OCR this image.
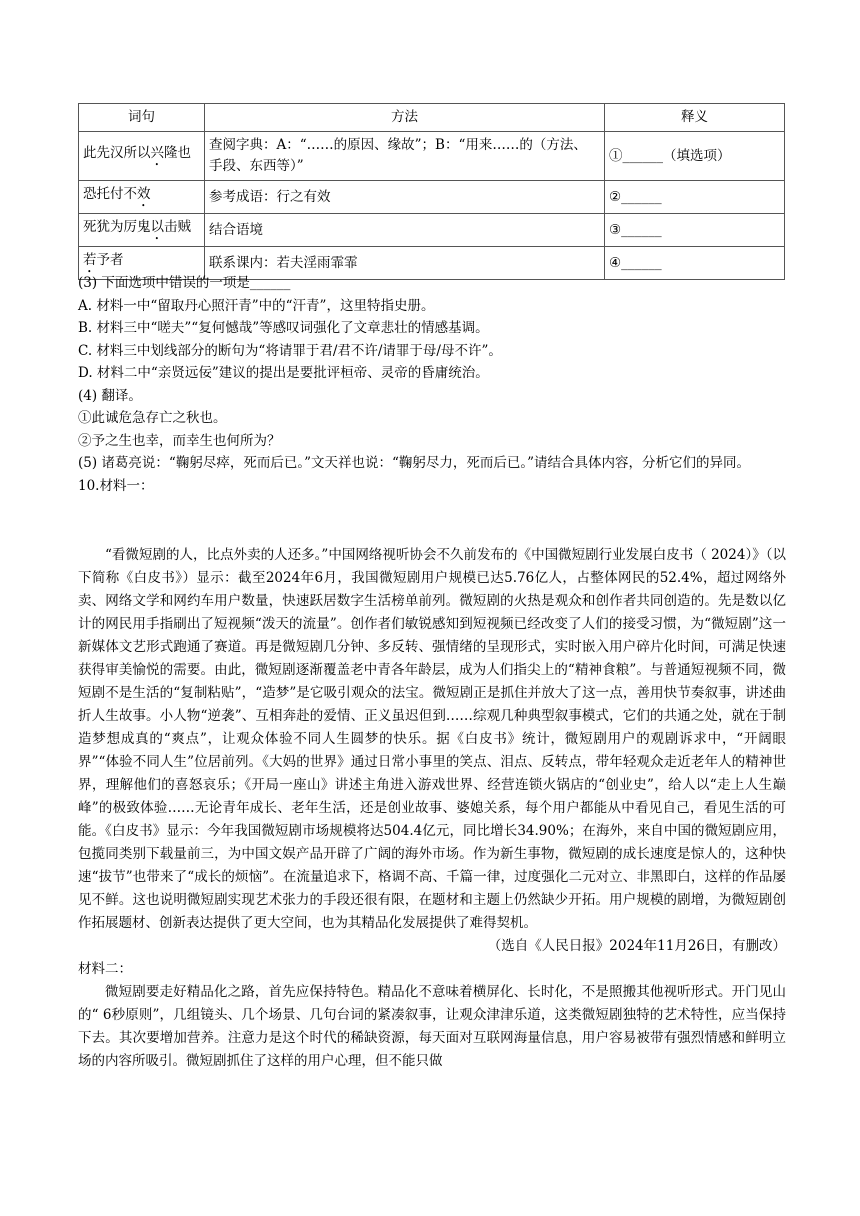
词句	方法	释义
此先汉所以兴隆也	查阅字典：A：“……的原因、缘故”；B：“用来……的（方法、手段、东西等）”	①______（填选项）
恐托付不效	参考成语：行之有效	②______
死犹为厉鬼以击贼	结合语境	③______
若予者	联系课内：若夫淫雨霏霏	④______

(3) 下面选项中错误的一项是______

A. 材料一中“留取丹心照汗青”中的“汗青”，这里特指史册。

B. 材料三中“嗟夫”“复何憾哉”等感叹词强化了文章悲壮的情感基调。

C. 材料三中划线部分的断句为“将请罪于君/君不许/请罪于母/母不许”。

D. 材料二中“亲贤远佞”建议的提出是要批评桓帝、灵帝的昏庸统治。

(4) 翻译。

①此诚危急存亡之秋也。

②予之生也幸，而幸生也何所为？

(5) 诸葛亮说：“鞠躬尽瘁，死而后已。”文天祥也说：“鞠躬尽力，死而后已。”请结合具体内容，分析它们的异同。

10.材料一：

“看微短剧的人，比点外卖的人还多。”中国网络视听协会不久前发布的《中国微短剧行业发展白皮书（ 2024）》（以下简称《白皮书》）显示：截至2024年6月，我国微短剧用户规模已达5.76亿人，占整体网民的52.4%，超过网络外卖、网络文学和网约车用户数量，快速跃居数字生活榜单前列。微短剧的火热是观众和创作者共同创造的。先是数以亿计的网民用手指刷出了短视频“泼天的流量”。创作者们敏锐感知到短视频已经改变了人们的接受习惯，为“微短剧”这一新媒体文艺形式跑通了赛道。再是微短剧几分钟、多反转、强情绪的呈现形式，实时嵌入用户碎片化时间，可满足快速获得审美愉悦的需要。由此，微短剧逐渐覆盖老中青各年龄层，成为人们指尖上的“精神食粮”。与普通短视频不同，微短剧不是生活的“复制粘贴”，“造梦”是它吸引观众的法宝。微短剧正是抓住并放大了这一点，善用快节奏叙事，讲述曲折人生故事。小人物“逆袭”、互相奔赴的爱情、正义虽迟但到……综观几种典型叙事模式，它们的共通之处，就在于制造梦想成真的“爽点”，让观众体验不同人生圆梦的快乐。据《白皮书》统计，微短剧用户的观剧诉求中，“开阔眼界”“体验不同人生”位居前列。《大妈的世界》通过日常小事里的笑点、泪点、反转点，带年轻观众走近老年人的精神世界，理解他们的喜怒哀乐；《开局一座山》讲述主角进入游戏世界、经营连锁火锅店的“创业史”，给人以“走上人生巅峰”的极致体验……无论青年成长、老年生活，还是创业故事、婆媳关系，每个用户都能从中看见自己，看见生活的可能。《白皮书》显示：今年我国微短剧市场规模将达504.4亿元，同比增长34.90%；在海外，来自中国的微短剧应用，包揽同类别下载量前三，为中国文娱产品开辟了广阔的海外市场。作为新生事物，微短剧的成长速度是惊人的，这种快速“拔节”也带来了“成长的烦恼”。在流量追求下，格调不高、千篇一律，过度强化二元对立、非黑即白，这样的作品屡见不鲜。这也说明微短剧实现艺术张力的手段还很有限，在题材和主题上仍然缺少开拓。用户规模的剧增，为微短剧创作拓展题材、创新表达提供了更大空间，也为其精品化发展提供了难得契机。

（选自《人民日报》2024年11月26日，有删改）

材料二：

微短剧要走好精品化之路，首先应保持特色。精品化不意味着横屏化、长时化，不是照搬其他视听形式。开门见山的“ 6秒原则”，几组镜头、几个场景、几句台词的紧凑叙事，让观众津津乐道，这类微短剧独特的艺术特性，应当保持下去。其次要增加营养。注意力是这个时代的稀缺资源，每天面对互联网海量信息，用户容易被带有强烈情感和鲜明立场的内容所吸引。微短剧抓住了这样的用户心理，但不能只做
